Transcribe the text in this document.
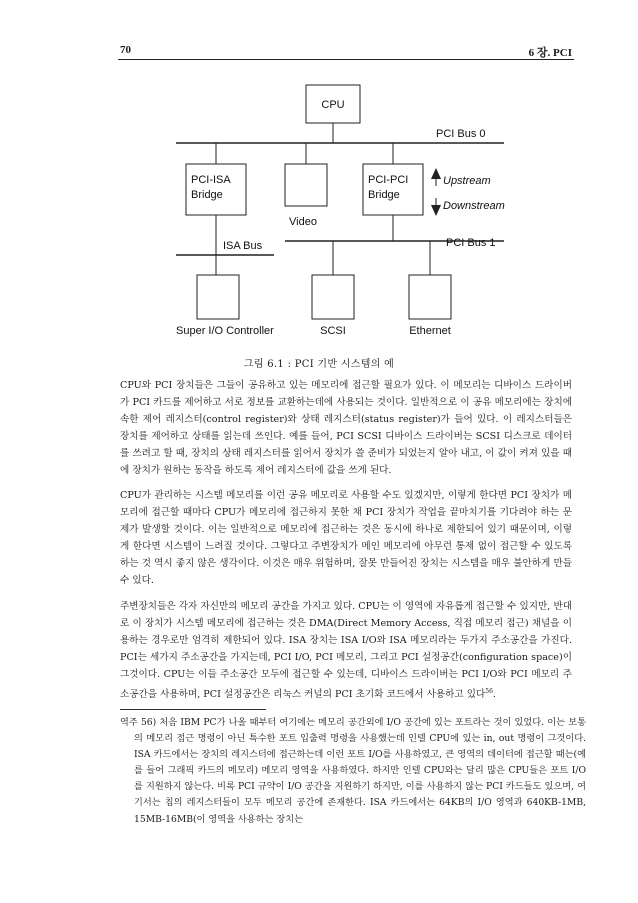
70	6 장. PCI
CPU
PCI Bus 0
PCI-ISA
Bridge
Video
PCI-PCI
Bridge
Upstream
Downstream
ISA Bus	PCI Bus 1
Super I/O Controller	SCSI	Ethernet
그림 6.1 : PCI 기반 시스템의 예

CPU와 PCI 장치들은 그들이 공유하고 있는 메모리에 접근할 필요가 있다. 이 메모리는 디바이스 드라이버가 PCI 카드를 제어하고 서로 정보를 교환하는데에 사용되는 것이다. 일반적으로 이 공유 메모리에는 장치에 속한 제어 레지스터(control register)와 상태 레지스터(status register)가 들어 있다. 이 레지스터들은 장치를 제어하고 상태를 읽는데 쓰인다. 예를 들어, PCI SCSI 디바이스 드라이버는 SCSI 디스크로 데이터를 쓰려고 할 때, 장치의 상태 레지스터를 읽어서 장치가 쓸 준비가 되었는지 알아 내고, 이 값이 켜져 있을 때에 장치가 원하는 동작을 하도록 제어 레지스터에 값을 쓰게 된다.

CPU가 관리하는 시스템 메모리를 이런 공유 메모리로 사용할 수도 있겠지만, 이렇게 한다면 PCI 장치가 메모리에 접근할 때마다 CPU가 메모리에 접근하지 못한 채 PCI 장치가 작업을 끝마치기를 기다려야 하는 문제가 발생할 것이다. 이는 일반적으로 메모리에 접근하는 것은 동시에 하나로 제한되어 있기 때문이며, 이렇게 한다면 시스템이 느려질 것이다. 그렇다고 주변장치가 메인 메모리에 아무런 통제 없이 접근할 수 있도록 하는 것 역시 좋지 않은 생각이다. 이것은 매우 위험하며, 잘못 만들어진 장치는 시스템을 매우 불안하게 만들 수 있다.

주변장치들은 각자 자신만의 메모리 공간을 가지고 있다. CPU는 이 영역에 자유롭게 접근할 수 있지만, 반대로 이 장치가 시스템 메모리에 접근하는 것은 DMA(Direct Memory Access, 직접 메모리 접근) 채널을 이용하는 경우로만 엄격히 제한되어 있다. ISA 장치는 ISA I/O와 ISA 메모리라는 두가지 주소공간을 가진다. PCI는 세가지 주소공간을 가지는데, PCI I/O, PCI 메모리, 그리고 PCI 설정공간(configuration space)이 그것이다. CPU는 이들 주소공간 모두에 접근할 수 있는데, 디바이스 드라이버는 PCI I/O와 PCI 메모리 주소공간을 사용하며, PCI 설정공간은 리눅스 커널의 PCI 초기화 코드에서 사용하고 있다$^{56}$.

역주 56) 처음 IBM PC가 나올 때부터 여기에는 메모리 공간외에 I/O 공간에 있는 포트라는 것이 있었다. 이는 보통의 메모리 접근 명령이 아닌 특수한 포트 입출력 명령을 사용했는데 인텔 CPU에 있는 in, out 명령이 그것이다. ISA 카드에서는 장치의 레지스터에 접근하는데 이런 포트 I/O를 사용하였고, 큰 영역의 데이터에 접근할 때는(예를 들어 그래픽 카드의 메모리) 메모리 영역을 사용하였다. 하지만 인텔 CPU와는 달리 많은 CPU들은 포트 I/O를 지원하지 않는다. 비록 PCI 규약이 I/O 공간을 지원하기 하지만, 이를 사용하지 않는 PCI 카드들도 있으며, 여기서는 칩의 레지스터들이 모두 메모리 공간에 존재한다. ISA 카드에서는 64KB의 I/O 영역과 640KB-1MB, 15MB-16MB(이 영역을 사용하는 장치는
